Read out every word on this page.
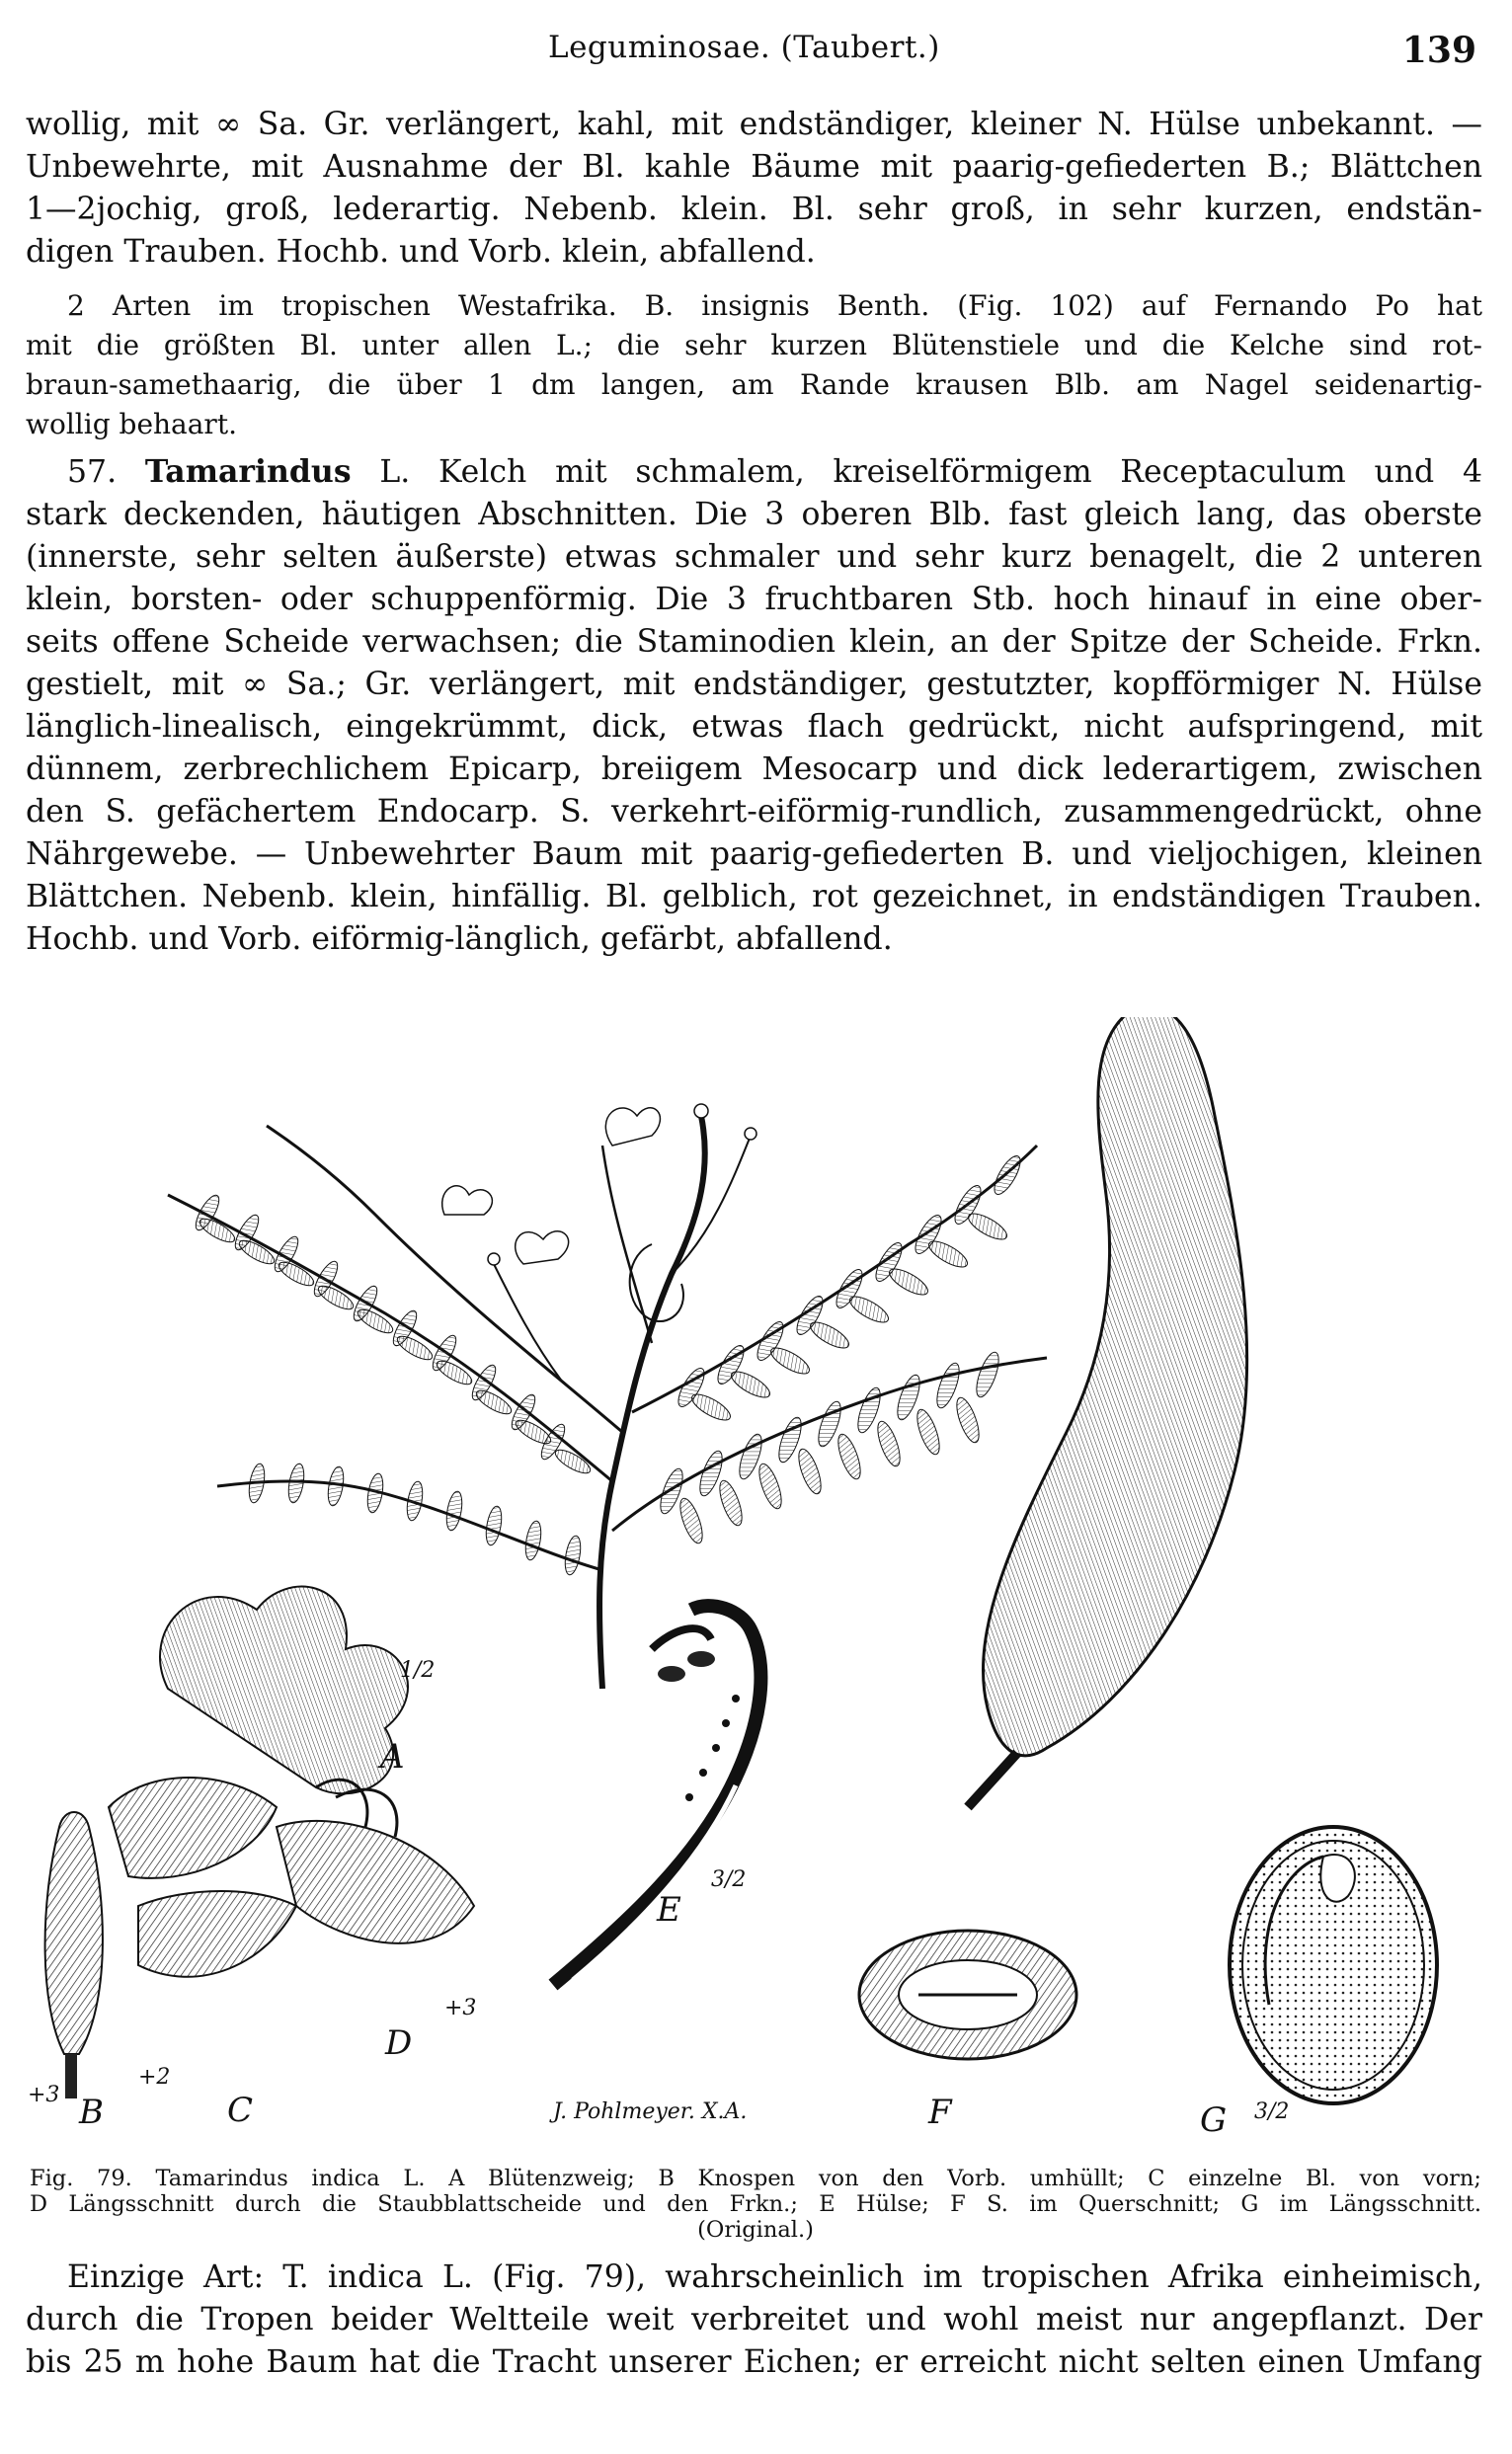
Leguminosae. (Taubert.)	139
wollig, mit ∞ Sa. Gr. verlängert, kahl, mit endständiger, kleiner N. Hülse unbekannt. —
Unbewehrte, mit Ausnahme der Bl. kahle Bäume mit paarig-gefiederten B.; Blättchen
1—2jochig, groß, lederartig. Nebenb. klein. Bl. sehr groß, in sehr kurzen, endstän-
digen Trauben. Hochb. und Vorb. klein, abfallend.
2 Arten im tropischen Westafrika. B. insignis Benth. (Fig. 102) auf Fernando Po hat
mit die größten Bl. unter allen L.; die sehr kurzen Blütenstiele und die Kelche sind rot-
braun-samethaarig, die über 1 dm langen, am Rande krausen Blb. am Nagel seidenartig-
wollig behaart.
57. Tamarindus L. Kelch mit schmalem, kreiselförmigem Receptaculum und 4
stark deckenden, häutigen Abschnitten. Die 3 oberen Blb. fast gleich lang, das oberste
(innerste, sehr selten äußerste) etwas schmaler und sehr kurz benagelt, die 2 unteren
klein, borsten- oder schuppenförmig. Die 3 fruchtbaren Stb. hoch hinauf in eine ober-
seits offene Scheide verwachsen; die Staminodien klein, an der Spitze der Scheide. Frkn.
gestielt, mit ∞ Sa.; Gr. verlängert, mit endständiger, gestutzter, kopfförmiger N. Hülse
länglich-linealisch, eingekrümmt, dick, etwas flach gedrückt, nicht aufspringend, mit
dünnem, zerbrechlichem Epicarp, breiigem Mesocarp und dick lederartigem, zwischen
den S. gefächertem Endocarp. S. verkehrt-eiförmig-rundlich, zusammengedrückt, ohne
Nährgewebe. — Unbewehrter Baum mit paarig-gefiederten B. und vieljochigen, kleinen
Blättchen. Nebenb. klein, hinfällig. Bl. gelblich, rot gezeichnet, in endständigen Trauben.
Hochb. und Vorb. eiförmig-länglich, gefärbt, abfallend.
A
1/2
B
+3	C
+2
D
+3
E
3/2
F	G 3/2
J. Pohlmeyer. X.A.
Fig. 79. Tamarindus indica L. A Blütenzweig; B Knospen von den Vorb. umhüllt; C einzelne Bl. von vorn;
D Längsschnitt durch die Staubblattscheide und den Frkn.; E Hülse; F S. im Querschnitt; G im Längsschnitt.
(Original.)
Einzige Art: T. indica L. (Fig. 79), wahrscheinlich im tropischen Afrika einheimisch,
durch die Tropen beider Weltteile weit verbreitet und wohl meist nur angepflanzt. Der
bis 25 m hohe Baum hat die Tracht unserer Eichen; er erreicht nicht selten einen Umfang
